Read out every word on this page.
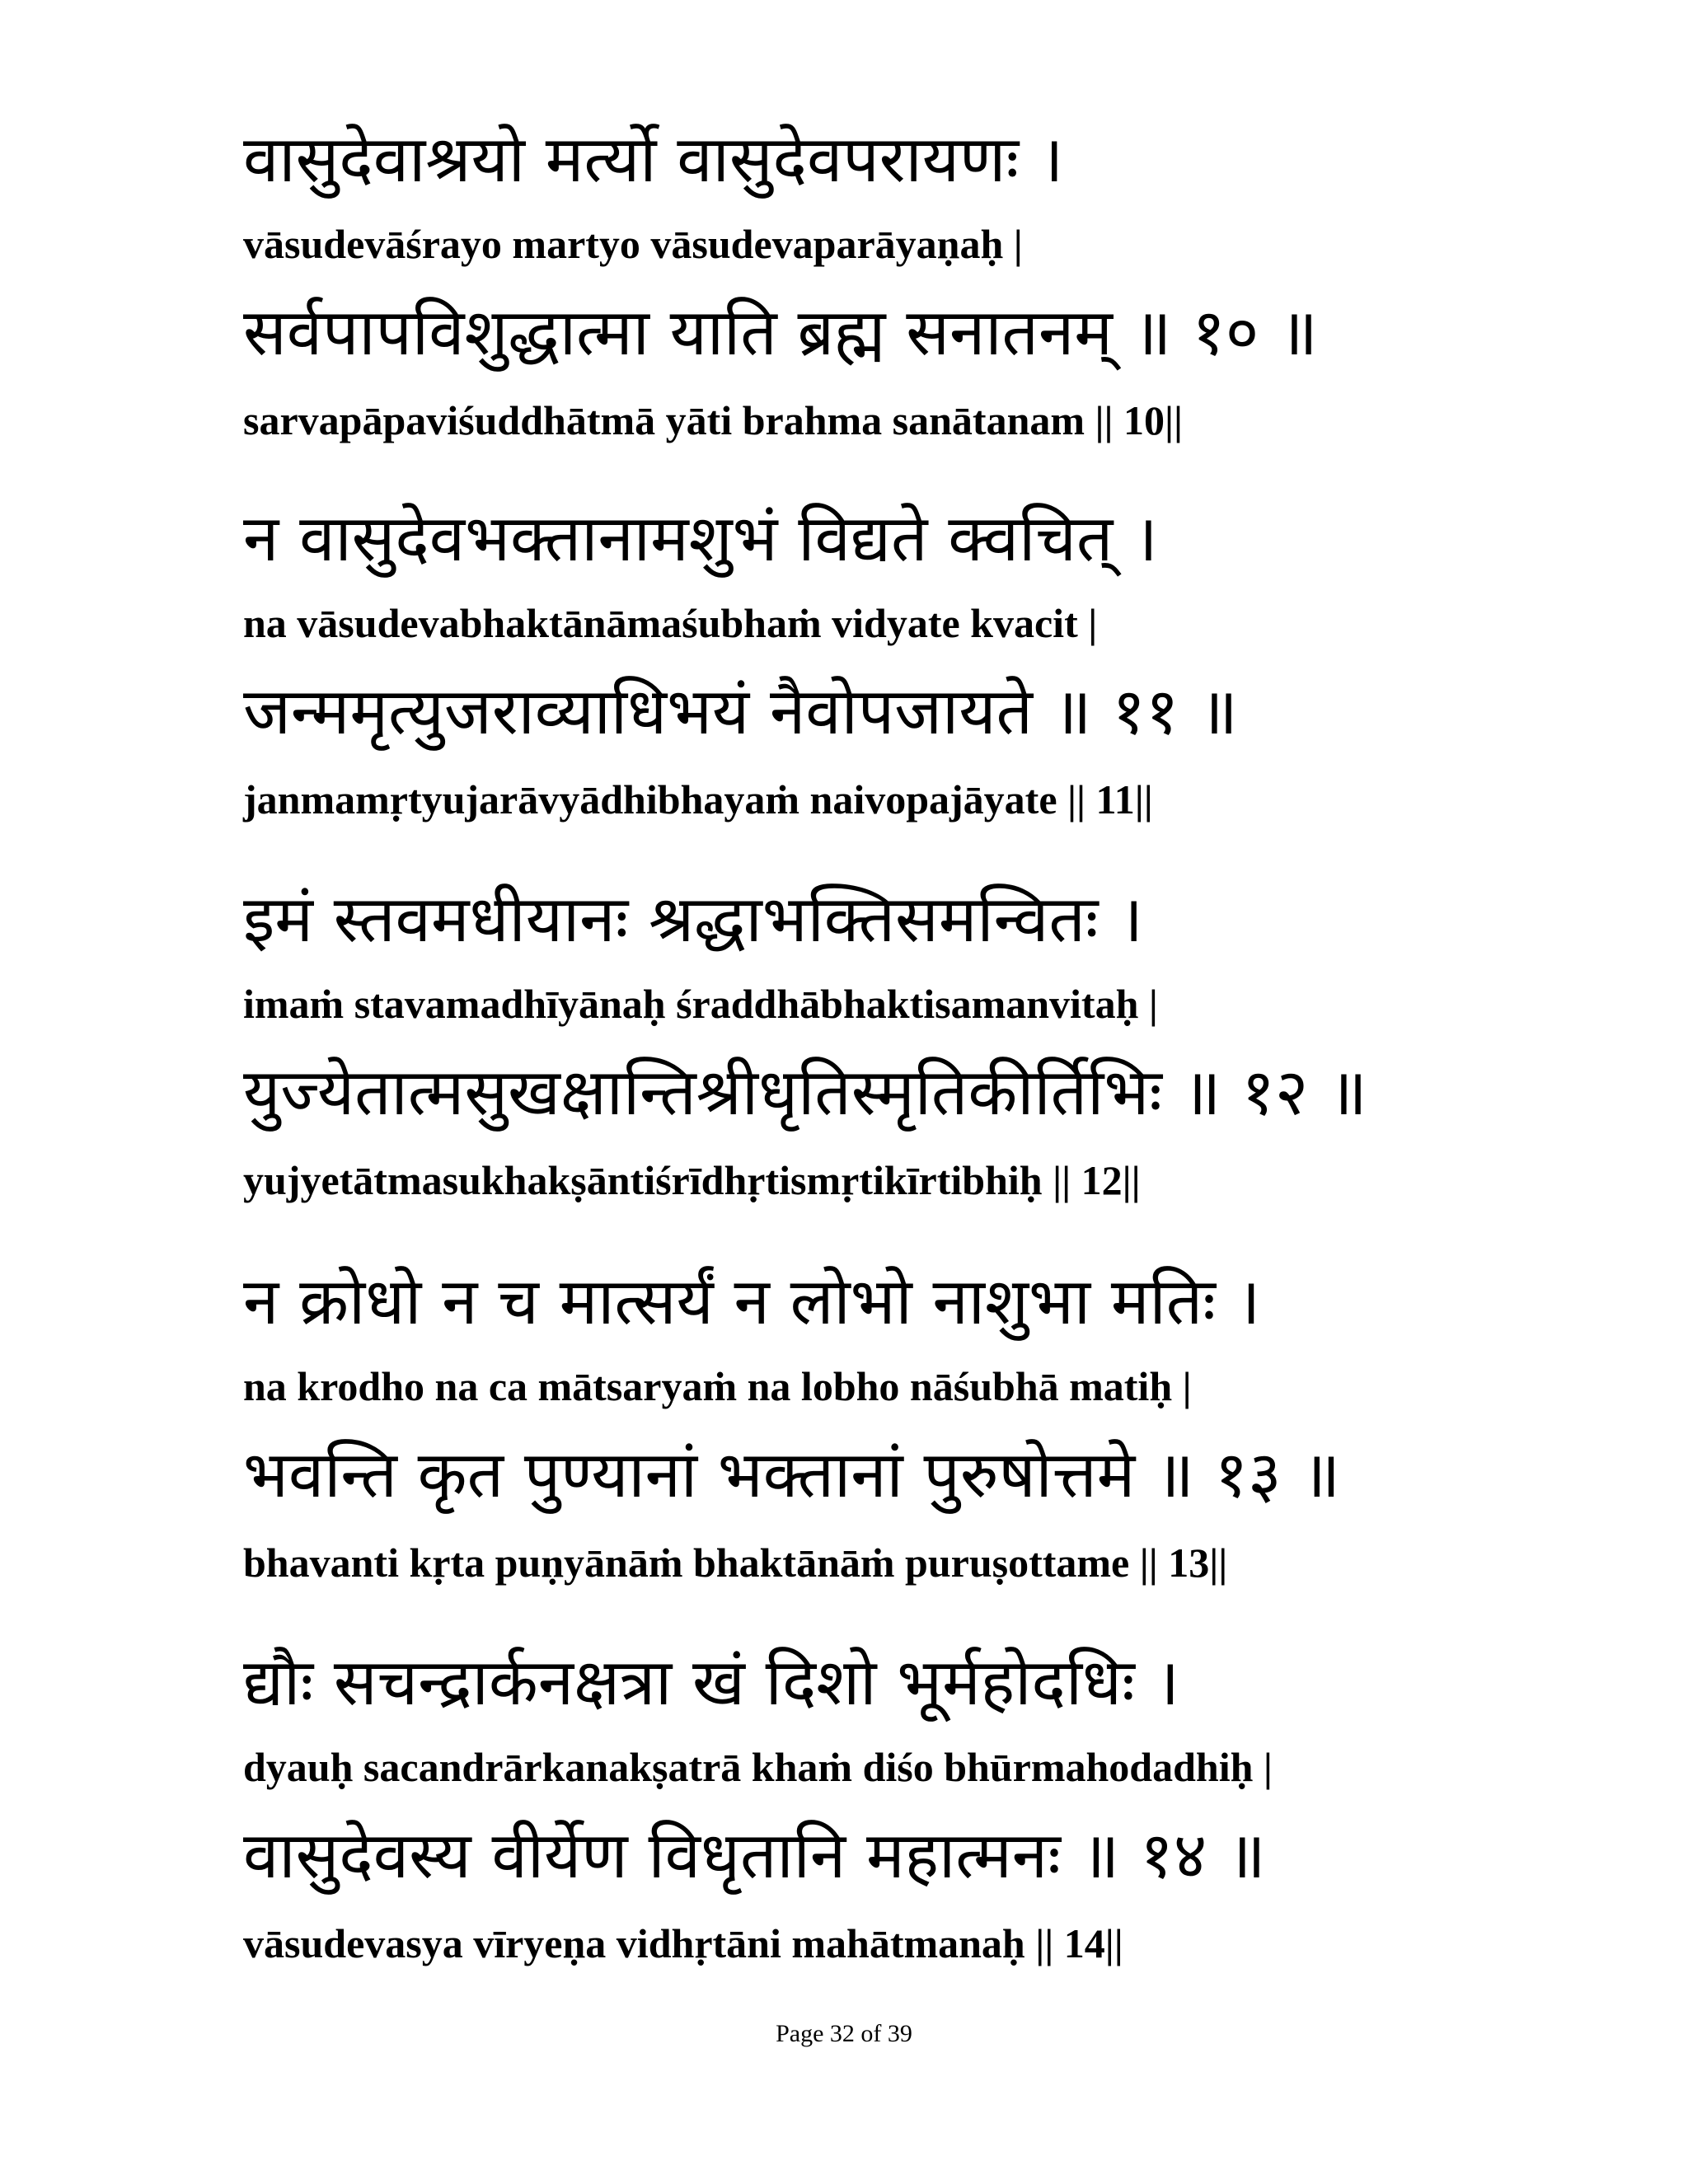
वासुदेवाश्रयो मर्त्यो वासुदेवपरायणः ।
vāsudevāśrayo martyo vāsudevaparāyaṇaḥ |
सर्वपापविशुद्धात्मा याति ब्रह्म सनातनम् ॥ १० ॥
sarvapāpaviśuddhātmā yāti brahma sanātanam || 10||
न वासुदेवभक्तानामशुभं विद्यते क्वचित् ।
na vāsudevabhaktānāmaśubhaṁ vidyate kvacit |
जन्ममृत्युजराव्याधिभयं नैवोपजायते ॥ ११ ॥
janmamṛtyujarāvyādhibhayaṁ naivopajāyate || 11||
इमं स्तवमधीयानः श्रद्धाभक्तिसमन्वितः ।
imaṁ stavamadhīyānaḥ śraddhābhaktisamanvitaḥ |
युज्येतात्मसुखक्षान्तिश्रीधृतिस्मृतिकीर्तिभिः ॥ १२ ॥
yujyetātmasukhakṣāntiśrīdhṛtismṛtikīrtibhiḥ || 12||
न क्रोधो न च मात्सर्यं न लोभो नाशुभा मतिः ।
na krodho na ca mātsaryaṁ na lobho nāśubhā matiḥ |
भवन्ति कृत पुण्यानां भक्तानां पुरुषोत्तमे ॥ १३ ॥
bhavanti kṛta puṇyānāṁ bhaktānāṁ puruṣottame || 13||
द्यौः सचन्द्रार्कनक्षत्रा खं दिशो भूर्महोदधिः ।
dyauḥ sacandrārkanakṣatrā khaṁ diśo bhūrmahodadhiḥ |
वासुदेवस्य वीर्येण विधृतानि महात्मनः ॥ १४ ॥
vāsudevasya vīryeṇa vidhṛtāni mahātmanaḥ || 14||
Page 32 of 39
